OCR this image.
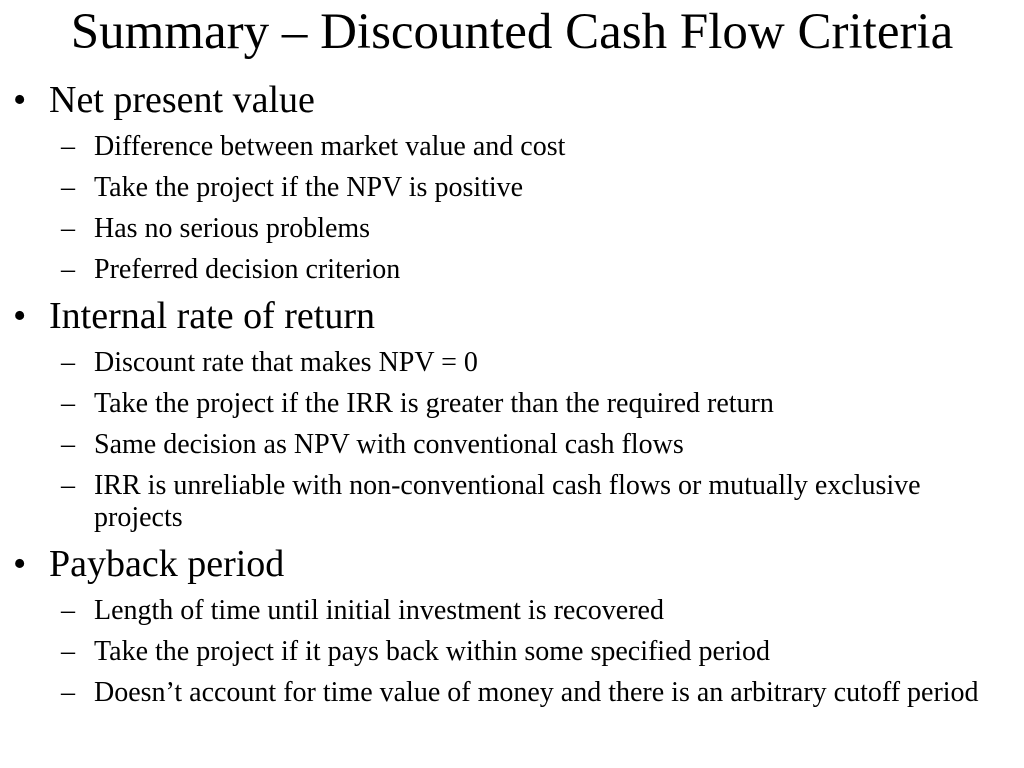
Summary – Discounted Cash Flow Criteria
• Net present value
– Difference between market value and cost
– Take the project if the NPV is positive
– Has no serious problems
– Preferred decision criterion
• Internal rate of return
– Discount rate that makes NPV = 0
– Take the project if the IRR is greater than the required return
– Same decision as NPV with conventional cash flows
– IRR is unreliable with non-conventional cash flows or mutually exclusive projects
• Payback period
– Length of time until initial investment is recovered
– Take the project if it pays back within some specified period
– Doesn’t account for time value of money and there is an arbitrary cutoff period
